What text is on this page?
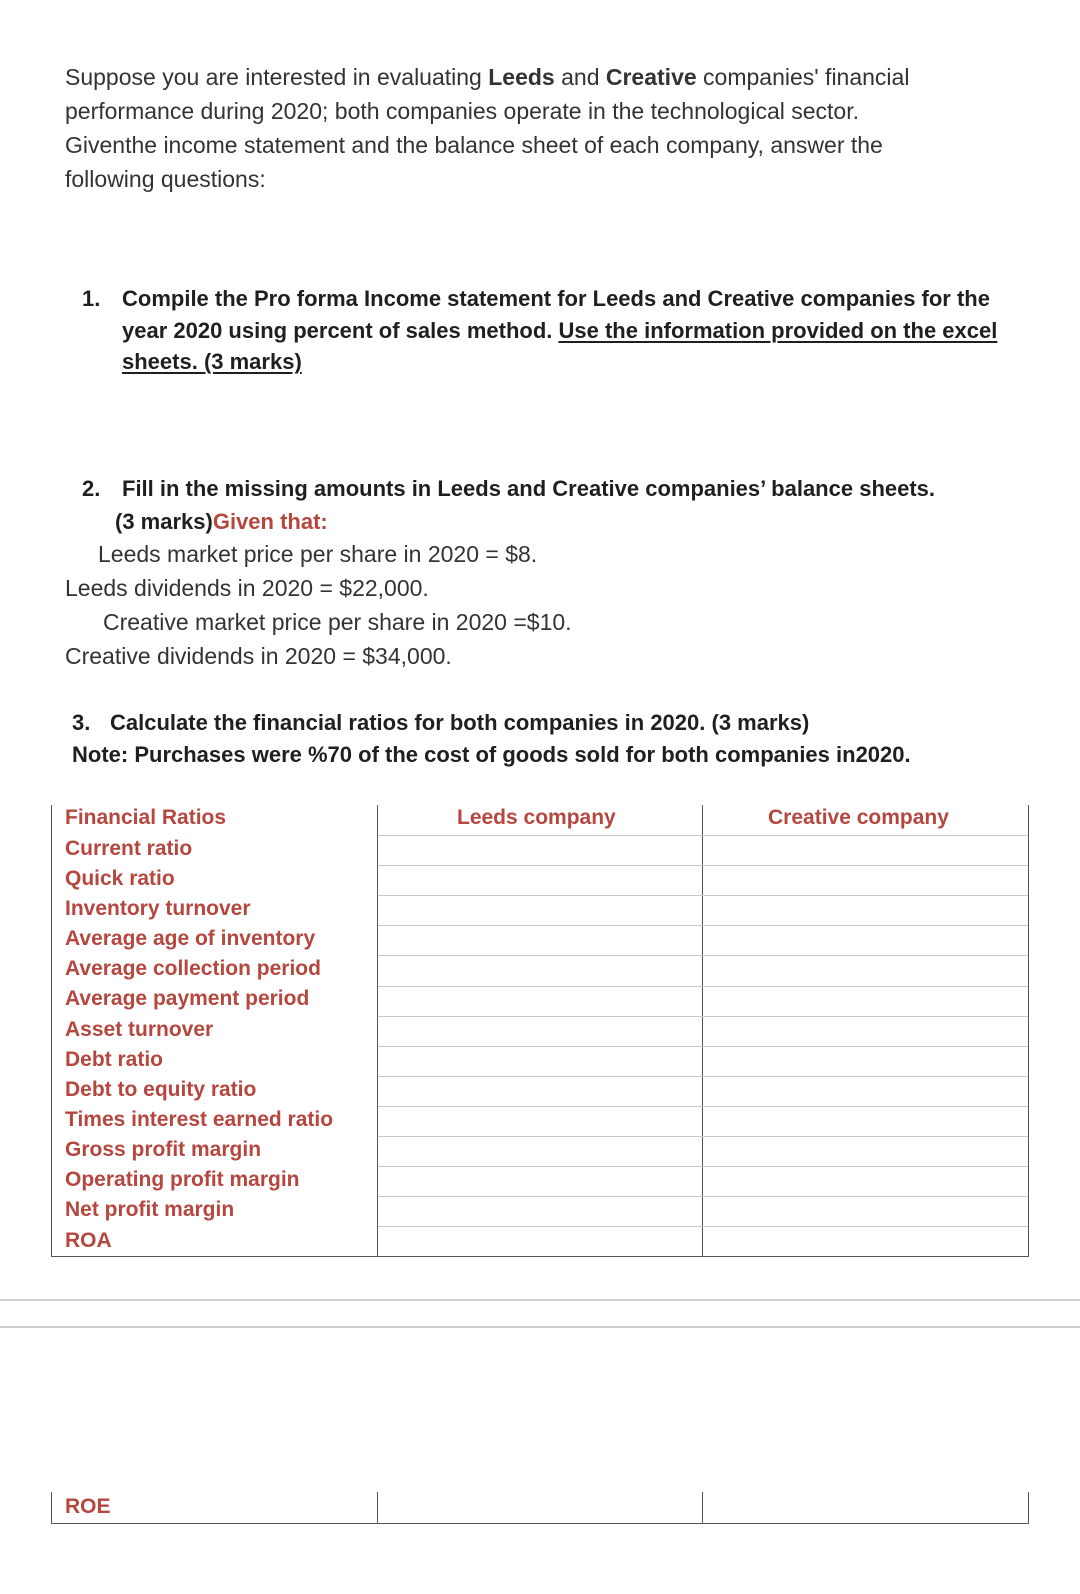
Suppose you are interested in evaluating Leeds and Creative companies' financial
performance during 2020; both companies operate in the technological sector.
Giventhe income statement and the balance sheet of each company, answer the
following questions:
1. Compile the Pro forma Income statement for Leeds and Creative companies for the
year 2020 using percent of sales method. Use the information provided on the excel
sheets. (3 marks)
2. Fill in the missing amounts in Leeds and Creative companies’ balance sheets.
(3 marks)Given that:
Leeds market price per share in 2020 = $8.
Leeds dividends in 2020 = $22,000.
Creative market price per share in 2020 =$10.
Creative dividends in 2020 = $34,000.
3. Calculate the financial ratios for both companies in 2020. (3 marks)
Note: Purchases were %70 of the cost of goods sold for both companies in2020.
Financial Ratios	Leeds company	Creative company
Current ratio
Quick ratio
Inventory turnover
Average age of inventory
Average collection period
Average payment period
Asset turnover
Debt ratio
Debt to equity ratio
Times interest earned ratio
Gross profit margin
Operating profit margin
Net profit margin
ROA
ROE
